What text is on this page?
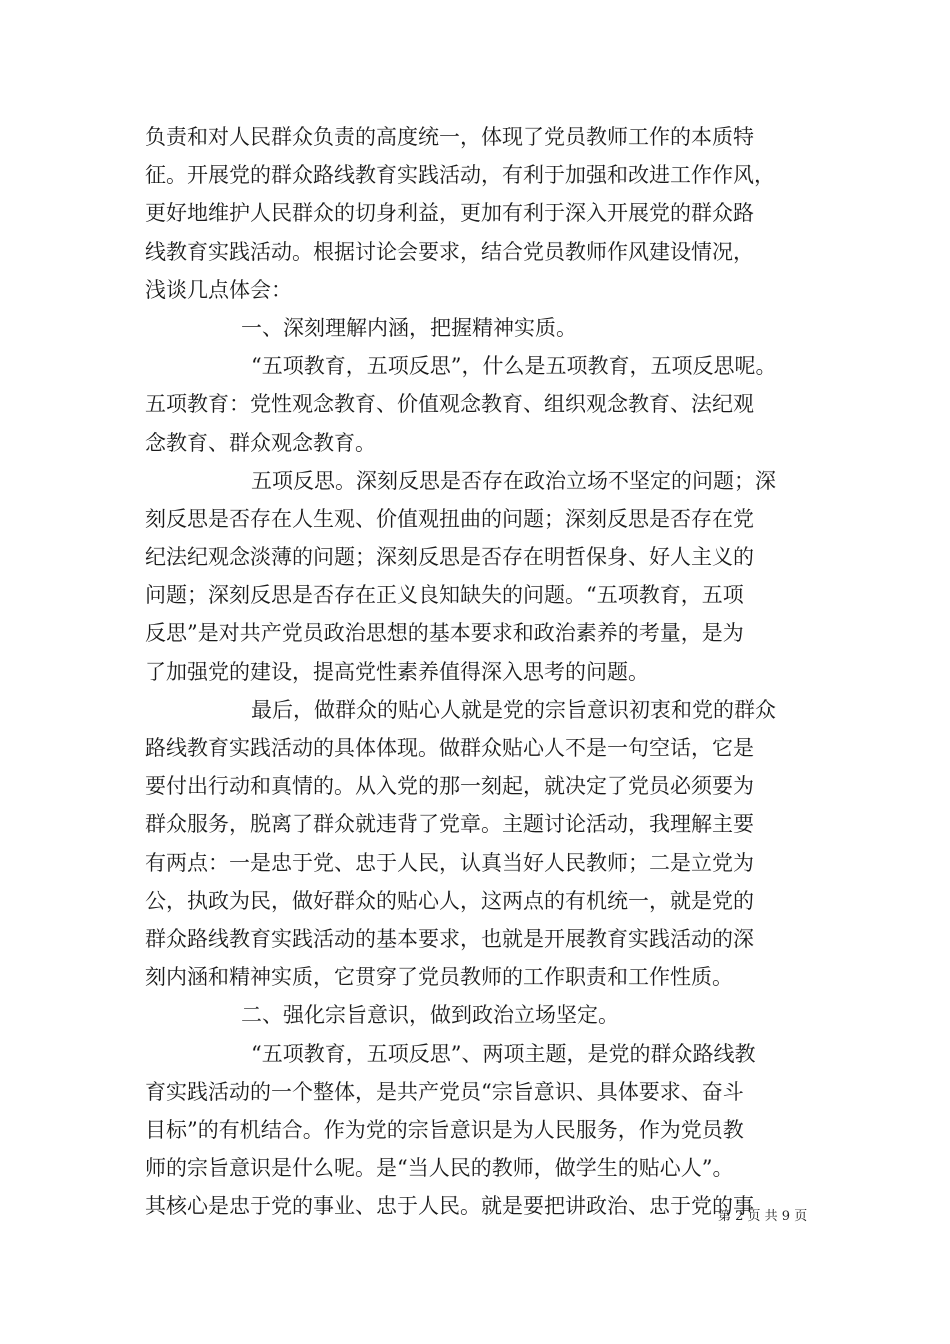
负责和对人民群众负责的高度统一，体现了党员教师工作的本质特
征。开展党的群众路线教育实践活动，有利于加强和改进工作作风，
更好地维护人民群众的切身利益，更加有利于深入开展党的群众路
线教育实践活动。根据讨论会要求，结合党员教师作风建设情况，
浅谈几点体会：
一、深刻理解内涵，把握精神实质。
“五项教育，五项反思”，什么是五项教育，五项反思呢。
五项教育：党性观念教育、价值观念教育、组织观念教育、法纪观
念教育、群众观念教育。
五项反思。深刻反思是否存在政治立场不坚定的问题；深
刻反思是否存在人生观、价值观扭曲的问题；深刻反思是否存在党
纪法纪观念淡薄的问题；深刻反思是否存在明哲保身、好人主义的
问题；深刻反思是否存在正义良知缺失的问题。“五项教育，五项
反思”是对共产党员政治思想的基本要求和政治素养的考量，是为
了加强党的建设，提高党性素养值得深入思考的问题。
最后，做群众的贴心人就是党的宗旨意识初衷和党的群众
路线教育实践活动的具体体现。做群众贴心人不是一句空话，它是
要付出行动和真情的。从入党的那一刻起，就决定了党员必须要为
群众服务，脱离了群众就违背了党章。主题讨论活动，我理解主要
有两点：一是忠于党、忠于人民，认真当好人民教师；二是立党为
公，执政为民，做好群众的贴心人，这两点的有机统一，就是党的
群众路线教育实践活动的基本要求，也就是开展教育实践活动的深
刻内涵和精神实质，它贯穿了党员教师的工作职责和工作性质。
二、强化宗旨意识，做到政治立场坚定。
“五项教育，五项反思”、两项主题，是党的群众路线教
育实践活动的一个整体，是共产党员“宗旨意识、具体要求、奋斗
目标”的有机结合。作为党的宗旨意识是为人民服务，作为党员教
师的宗旨意识是什么呢。是“当人民的教师，做学生的贴心人”。
其核心是忠于党的事业、忠于人民。就是要把讲政治、忠于党的事
第 2 页 共 9 页
